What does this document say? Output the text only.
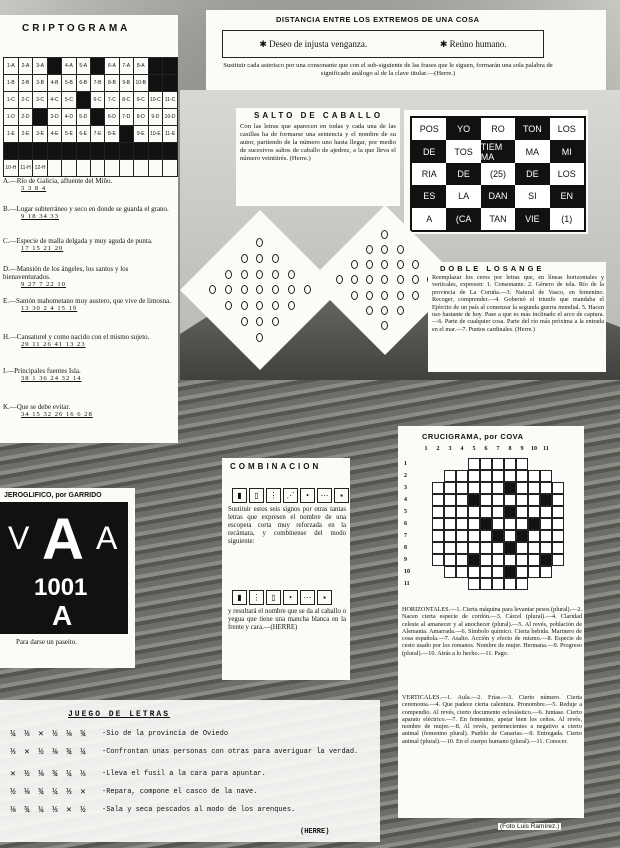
CRIPTOGRAMA
1-A	2-A	3-A		4-A	5-A		6-A	7-A	8-A		
1-B	2-B	3-B	4-B	5-B	6-B	7-B	8-B	9-B	10-B		
1-C	2-C	3-C	4-C	5-C		6-C	7-C	8-C	9-C	10-C	11-C
1-D	2-D		3-D	4-D	5-D		6-D	7-D	8-D	9-D	10-D
1-E	2-E	3-E	4-E	5-E	6-E	7-E	8-E		9-E	10-E	11-E

10-H	11-H	12-H									
A.—Río de Galicia, afluente del Miño.
3 3 8 4
B.—Lugar subterráneo y seco en donde se guarda el grano.
9 18 34 33
C.—Especie de malla delgada y muy aguda de punta.
17 15 21 20
D.—Mansión de los ángeles, los santos y los bienaventurados.
9 27 7 22 10
E.—Santón mahometano muy austero, que vive de limosna.
13 30 2 4 15 19
H.—Cansaturel y como nacido con el mismo sujeto.
29 11 26 41 13 23
I.—Principales fuentes Isla.
38 1 36 24 32 14
K.—Que se debe evitar.
34 15 32 26 16 6 28
DISTANCIA ENTRE LOS EXTREMOS DE UNA COSA
✱ Deseo de injusta venganza.	✱ Reúno humano.
Sustituir cada asterisco por una consonante que con el sub-siguiente de las frases que le siguen, formarán una sola palabra de significado análogo al de la clave titular.—(Herre.)
SALTO DE CABALLO
Con las letras que aparecen en todas y cada una de las casillas ha de formarse una sentencia y el nombre de su autor, partiendo de la número uno hasta llegar, por medio de sucesivos saltos de caballo de ajedrez, a la que lleva el número veintitrés. (Herre.)
POS	YO	RO	TON	LOS
DE	TOS TIEM MA	MA	MI
RIA	DE	(25)	DE	LOS
ES	LA	DAN	SI	EN
A	(CA	TAN	VIE	(1)
DOBLE LOSANGE
Reemplazar los ceros por letras que, en líneas horizontales y verticales, expresen: 1. Consonante. 2. Género de tela. Río de la provincia de La Coruña.—3. Natural de Vasco, en femenino. Recoger, comprender.—4. Gobernó el triunfo que mandaba el Ejército de un país al comenzar la segunda guerra mundial. 5. Hacen uso bastante de hoy. Pase a que es más inclinado el arco de captura.—6. Parte de cualquier cosa. Parte del río más próxima a la entrada en el mar.—7. Puntos cardinales. (Herre.)
JEROGLIFICO, por GARRIDO
V A A
1001
A
Para darse un paseito.
COMBINACION
▮	▯	⋮	⋰	•	⋯	▪
Sustituir estos seis signos por otras tantas letras que expresen el nombre de una escopeta corta muy reforzada en la recámara, y combínense del modo siguiente:
▮	⋮	▯	•	⋯	▪
y resultará el nombre que se da al caballo o yegua que tiene una mancha blanca en la frente y cara.—(HERRE)
CRUCIGRAMA, por COVA
1	2	3	4	5	6	7	8	9	10	11
1
2
3
4
5
6
7
8
9
10
11
HORIZONTALES.—1. Cierta máquina para levantar pesos (plural).—2. Nacen cierta especie de cordón.—3. Cárcel (plural).—4. Claridad celeste al amanecer y al anochecer (plural).—5. Al revés, población de Alemania. Amarrada.—6. Símbolo químico. Cierta bebida. Marinero de cosa española.—7. Asalto. Acción y efecto de mismo.—8. Especie de cesto usado por los romanos. Nombre de mujer. Hermana.—9. Progreso (plural).—10. Atrás a lo hecho.—11. Pago.
VERTICALES.—1. Aula.—2. Frías.—3. Cierto número. Cierta ceremonia.—4. Que padece cierta calentura. Pronombre.—5. Reduje a compendio. Al revés, cierto documento eclesiástico.—6. Juntase. Cierto aparato eléctrico.—7. En femenino, apetar bien los ceños. Al revés, nombre de mujer.—8. Al revés, pertenecientes a negativo a cierto animal (femenino plural). Pueblo de Canarias.—9. Entregada. Cierto animal (plural).—10. En el cuerpo humano (plural).—11. Conocer.
JUEGO DE LETRAS
¼ ⅓ ✕ ½ ⅛ ¾	-Sio de la provincia de Oviedo
⅓ ✕ ½ ⅛ ¾ ¼	-Confrontan unas personas con otras para averiguar la verdad.
✕ ½ ⅛ ¾ ¼ ⅓	-Lleva el fusil a la cara para apuntar.
½ ⅛ ¾ ¼ ⅓ ✕	-Repara, compone el casco de la nave.
⅛ ¾ ¼ ⅓ ✕ ½	-Sala y seca pescados al modo de los arenques.
(HERRE)
(Foto Luis Ramírez.)
